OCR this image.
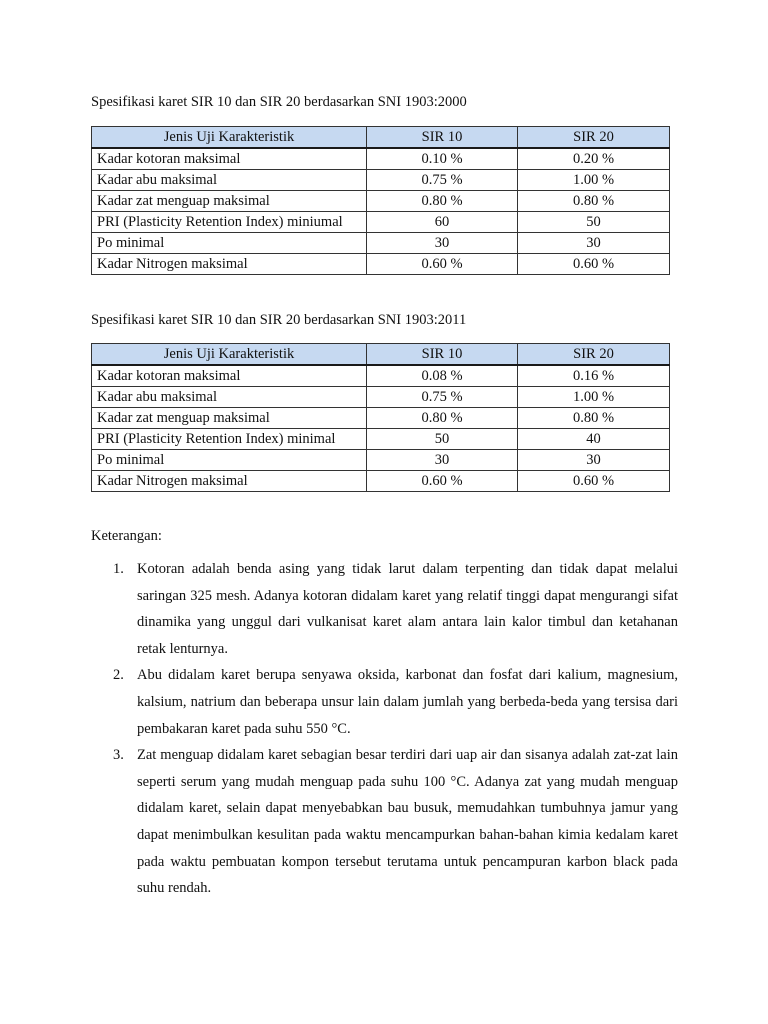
Spesifikasi karet SIR 10 dan SIR 20 berdasarkan SNI 1903:2000
Jenis Uji Karakteristik	SIR 10	SIR 20
Kadar kotoran maksimal	0.10 %	0.20 %
Kadar abu maksimal	0.75 %	1.00 %
Kadar zat menguap maksimal	0.80 %	0.80 %
PRI (Plasticity Retention Index) miniumal	60	50
Po minimal	30	30
Kadar Nitrogen maksimal	0.60 %	0.60 %
Spesifikasi karet SIR 10 dan SIR 20 berdasarkan SNI 1903:2011
Jenis Uji Karakteristik	SIR 10	SIR 20
Kadar kotoran maksimal	0.08 %	0.16 %
Kadar abu maksimal	0.75 %	1.00 %
Kadar zat menguap maksimal	0.80 %	0.80 %
PRI (Plasticity Retention Index) minimal	50	40
Po minimal	30	30
Kadar Nitrogen maksimal	0.60 %	0.60 %
Keterangan:
1. Kotoran adalah benda asing yang tidak larut dalam terpenting dan tidak dapat melalui saringan 325 mesh. Adanya kotoran didalam karet yang relatif tinggi dapat mengurangi sifat dinamika yang unggul dari vulkanisat karet alam antara lain kalor timbul dan ketahanan retak lenturnya.
2. Abu didalam karet berupa senyawa oksida, karbonat dan fosfat dari kalium, magnesium, kalsium, natrium dan beberapa unsur lain dalam jumlah yang berbeda-beda yang tersisa dari pembakaran karet pada suhu 550 °C.
3. Zat menguap didalam karet sebagian besar terdiri dari uap air dan sisanya adalah zat-zat lain seperti serum yang mudah menguap pada suhu 100 °C. Adanya zat yang mudah menguap didalam karet, selain dapat menyebabkan bau busuk, memudahkan tumbuhnya jamur yang dapat menimbulkan kesulitan pada waktu mencampurkan bahan-bahan kimia kedalam karet pada waktu pembuatan kompon tersebut terutama untuk pencampuran karbon black pada suhu rendah.
